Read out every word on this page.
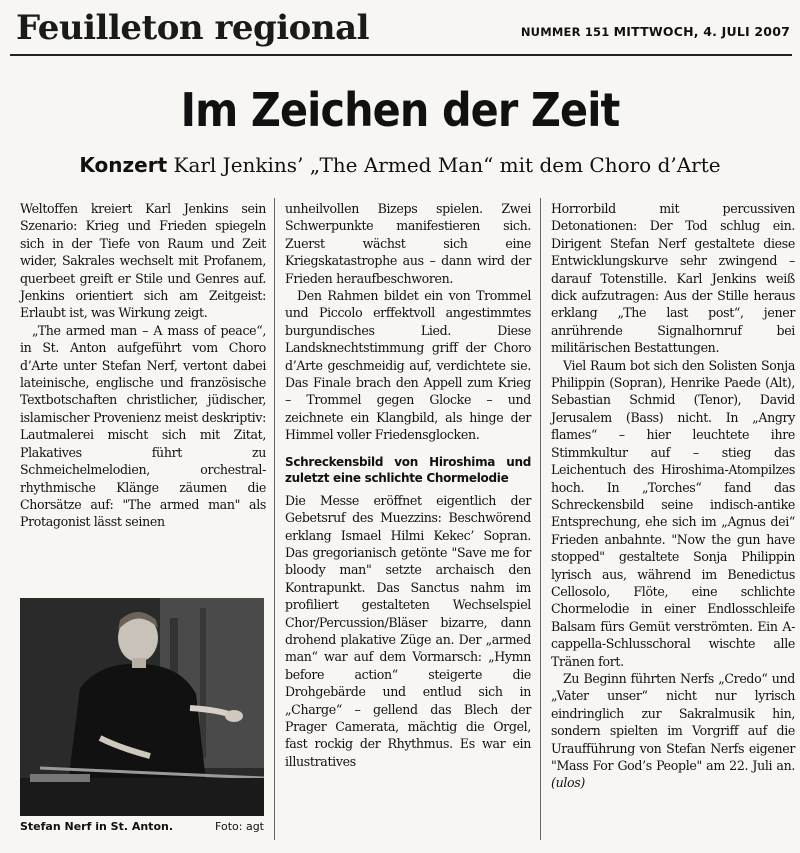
Feuilleton regional	NUMMER 151 MITTWOCH, 4. JULI 2007
Im Zeichen der Zeit
Konzert Karl Jenkins’ „The Armed Man“ mit dem Choro d’Arte

Weltoffen kreiert Karl Jenkins sein Szenario: Krieg und Frieden spiegeln sich in der Tiefe von Raum und Zeit wider, Sakrales wechselt mit Profanem, querbeet greift er Stile und Genres auf. Jenkins orientiert sich am Zeitgeist: Erlaubt ist, was Wirkung zeigt.

„The armed man – A mass of peace“, in St. Anton aufgeführt vom Choro d’Arte unter Stefan Nerf, vertont dabei lateinische, englische und französische Textbotschaften christlicher, jüdischer, islamischer Provenienz meist deskriptiv: Lautmalerei mischt sich mit Zitat, Plakatives führt zu Schmeichelmelodien, orchestral-rhythmische Klänge zäumen die Chorsätze auf: "The armed man" als Protagonist lässt seinen

Stefan Nerf in St. Anton.	Foto: agt

unheilvollen Bizeps spielen. Zwei Schwerpunkte manifestieren sich. Zuerst wächst sich eine Kriegskatastrophe aus – dann wird der Frieden heraufbeschworen.

Den Rahmen bildet ein von Trommel und Piccolo erffektvoll angestimmtes burgundisches Lied. Diese Landsknechtstimmung griff der Choro d’Arte geschmeidig auf, verdichtete sie. Das Finale brach den Appell zum Krieg – Trommel gegen Glocke – und zeichnete ein Klangbild, als hinge der Himmel voller Friedensglocken.

Schreckensbild von Hiroshima und zuletzt eine schlichte Chormelodie

Die Messe eröffnet eigentlich der Gebetsruf des Muezzins: Beschwörend erklang Ismael Hilmi Kekec’ Sopran. Das gregorianisch getönte "Save me for bloody man" setzte archaisch den Kontrapunkt. Das Sanctus nahm im profiliert gestalteten Wechselspiel Chor/Percussion/Bläser bizarre, dann drohend plakative Züge an. Der „armed man“ war auf dem Vormarsch: „Hymn before action“ steigerte die Drohgebärde und entlud sich in „Charge“ – gellend das Blech der Prager Camerata, mächtig die Orgel, fast rockig der Rhythmus. Es war ein illustratives

Horrorbild mit percussiven Detonationen: Der Tod schlug ein. Dirigent Stefan Nerf gestaltete diese Entwicklungskurve sehr zwingend – darauf Totenstille. Karl Jenkins weiß dick aufzutragen: Aus der Stille heraus erklang „The last post“, jener anrührende Signalhornruf bei militärischen Bestattungen.

Viel Raum bot sich den Solisten Sonja Philippin (Sopran), Henrike Paede (Alt), Sebastian Schmid (Tenor), David Jerusalem (Bass) nicht. In „Angry flames“ – hier leuchtete ihre Stimmkultur auf – stieg das Leichentuch des Hiroshima-Atompilzes hoch. In „Torches“ fand das Schreckensbild seine indisch-antike Entsprechung, ehe sich im „Agnus dei“ Frieden anbahnte. "Now the gun have stopped" gestaltete Sonja Philippin lyrisch aus, während im Benedictus Cellosolo, Flöte, eine schlichte Chormelodie in einer Endlosschleife Balsam fürs Gemüt verströmten. Ein A-cappella-Schlusschoral wischte alle Tränen fort.

Zu Beginn führten Nerfs „Credo“ und „Vater unser“ nicht nur lyrisch eindringlich zur Sakralmusik hin, sondern spielten im Vorgriff auf die Uraufführung von Stefan Nerfs eigener "Mass For God’s People" am 22. Juli an. (ulos)
